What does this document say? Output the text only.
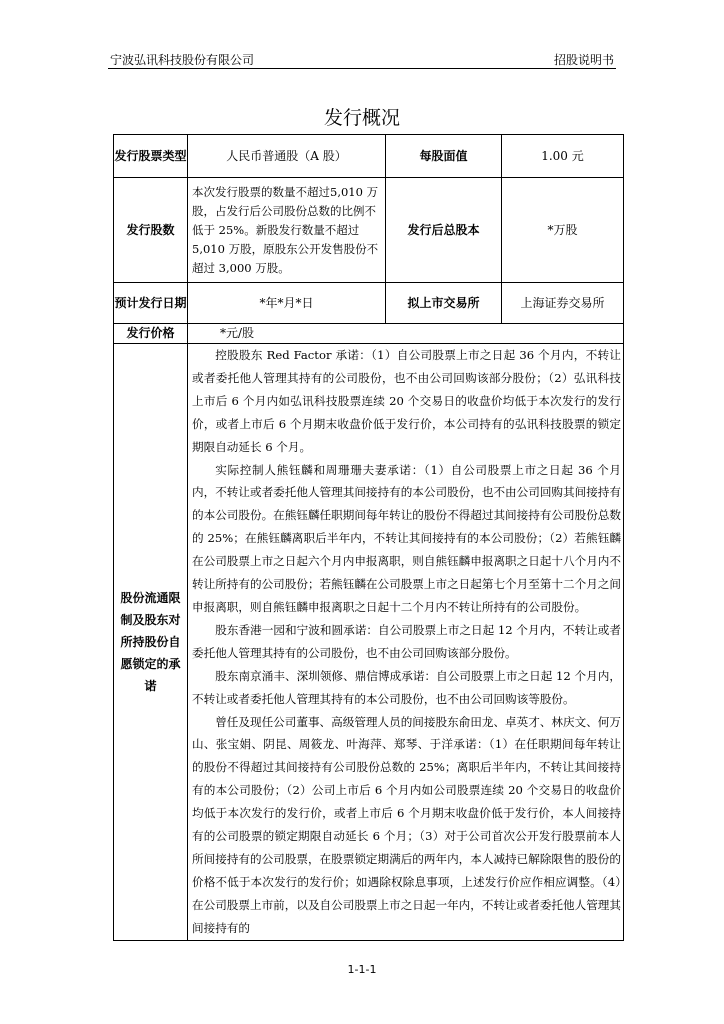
宁波弘讯科技股份有限公司	招股说明书
发行概况
发行股票类型	人民币普通股（A 股）	每股面值	1.00 元
发行股数	本次发行股票的数量不超过5,010 万股，占发行后公司股份总数的比例不低于 25%。新股发行数量不超过 5,010 万股，原股东公开发售股份不超过 3,000 万股。	发行后总股本	*万股
预计发行日期	*年*月*日	拟上市交易所	上海证券交易所
发行价格	*元/股		
股份流通限制及股东对所持股份自愿锁定的承诺	控股股东 Red Factor 承诺：（1）自公司股票上市之日起 36 个月内，不转让或者委托他人管理其持有的公司股份，也不由公司回购该部分股份；（2）弘讯科技上市后 6 个月内如弘讯科技股票连续 20 个交易日的收盘价均低于本次发行的发行价，或者上市后 6 个月期末收盘价低于发行价，本公司持有的弘讯科技股票的锁定期限自动延长 6 个月。

实际控制人熊钰麟和周珊珊夫妻承诺：（1）自公司股票上市之日起 36 个月内，不转让或者委托他人管理其间接持有的本公司股份，也不由公司回购其间接持有的本公司股份。在熊钰麟任职期间每年转让的股份不得超过其间接持有公司股份总数的 25%；在熊钰麟离职后半年内，不转让其间接持有的本公司股份；（2）若熊钰麟在公司股票上市之日起六个月内申报离职，则自熊钰麟申报离职之日起十八个月内不转让所持有的公司股份；若熊钰麟在公司股票上市之日起第七个月至第十二个月之间申报离职，则自熊钰麟申报离职之日起十二个月内不转让所持有的公司股份。

股东香港一园和宁波和圆承诺：自公司股票上市之日起 12 个月内，不转让或者委托他人管理其持有的公司股份，也不由公司回购该部分股份。

股东南京涌丰、深圳领修、鼎信博成承诺：自公司股票上市之日起 12 个月内，不转让或者委托他人管理其持有的本公司股份，也不由公司回购该等股份。

曾任及现任公司董事、高级管理人员的间接股东俞田龙、卓英才、林庆文、何万山、张宝娟、阴昆、周筱龙、叶海萍、郑琴、于洋承诺：（1）在任职期间每年转让的股份不得超过其间接持有公司股份总数的 25%；离职后半年内，不转让其间接持有的本公司股份；（2）公司上市后 6 个月内如公司股票连续 20 个交易日的收盘价均低于本次发行的发行价，或者上市后 6 个月期末收盘价低于发行价，本人间接持有的公司股票的锁定期限自动延长 6 个月；（3）对于公司首次公开发行股票前本人所间接持有的公司股票，在股票锁定期满后的两年内，本人减持已解除限售的股份的价格不低于本次发行的发行价；如遇除权除息事项，上述发行价应作相应调整。（4）在公司股票上市前，以及自公司股票上市之日起一年内，不转让或者委托他人管理其间接持有的		

1-1-1
